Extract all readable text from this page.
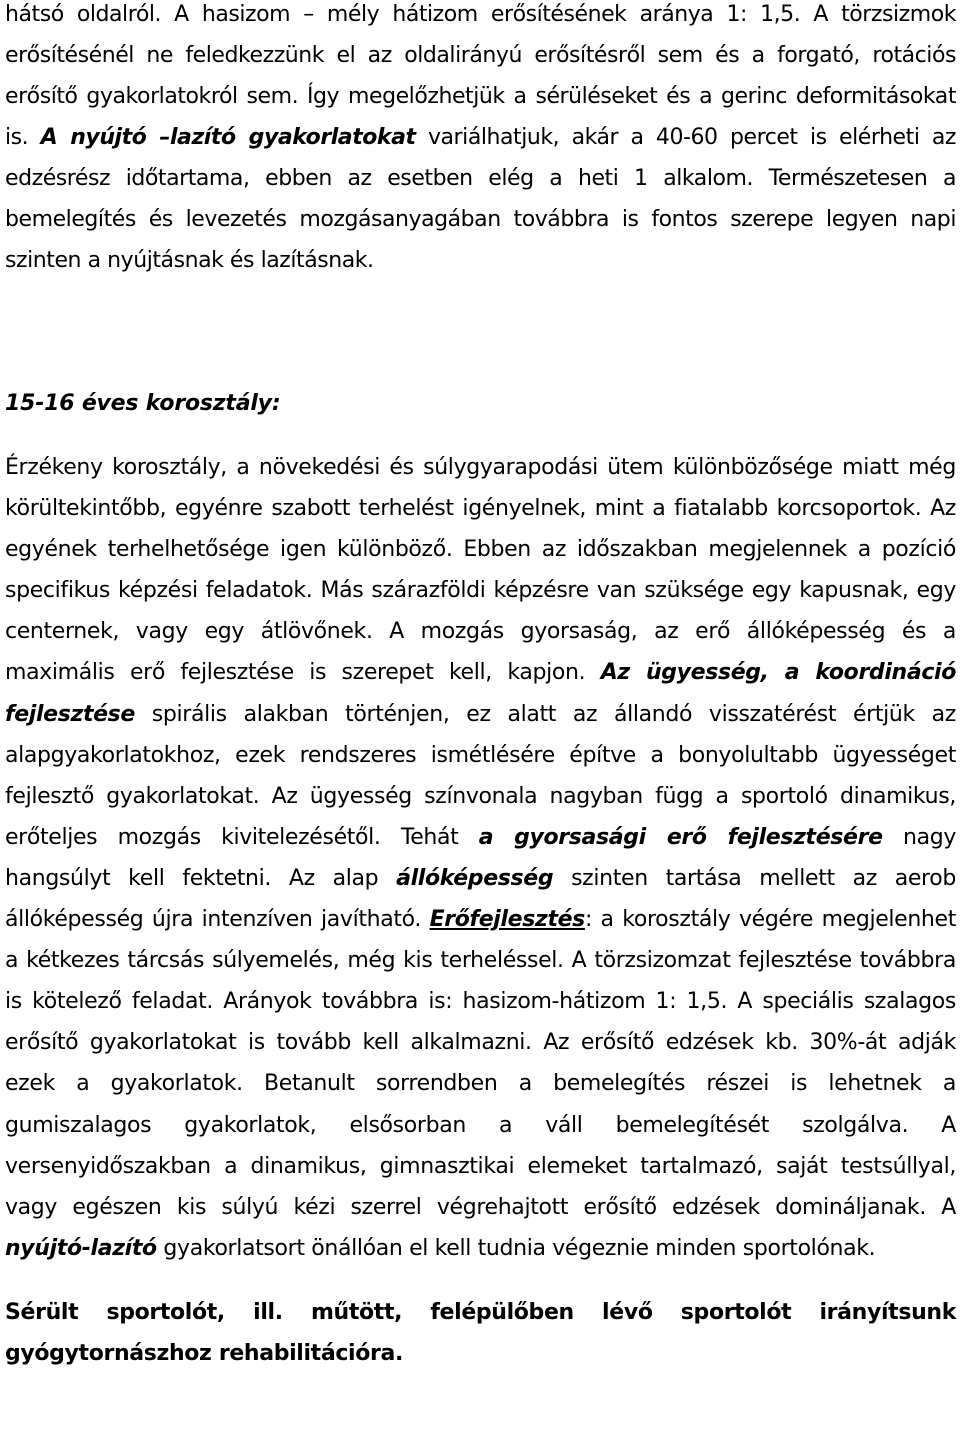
hátsó oldalról. A hasizom – mély hátizom erősítésének aránya 1: 1,5. A törzsizmok erősítésénél ne feledkezzünk el az oldalirányú erősítésről sem és a forgató, rotációs erősítő gyakorlatokról sem. Így megelőzhetjük a sérüléseket és a gerinc deformitásokat is. A nyújtó –lazító gyakorlatokat variálhatjuk, akár a 40-60 percet is elérheti az edzésrész időtartama, ebben az esetben elég a heti 1 alkalom. Természetesen a bemelegítés és levezetés mozgásanyagában továbbra is fontos szerepe legyen napi szinten a nyújtásnak és lazításnak.

15-16 éves korosztály:

Érzékeny korosztály, a növekedési és súlygyarapodási ütem különbözősége miatt még körültekintőbb, egyénre szabott terhelést igényelnek, mint a fiatalabb korcsoportok. Az egyének terhelhetősége igen különböző. Ebben az időszakban megjelennek a pozíció specifikus képzési feladatok. Más szárazföldi képzésre van szüksége egy kapusnak, egy centernek, vagy egy átlövőnek. A mozgás gyorsaság, az erő állóképesség és a maximális erő fejlesztése is szerepet kell, kapjon. Az ügyesség, a koordináció fejlesztése spirális alakban történjen, ez alatt az állandó visszatérést értjük az alapgyakorlatokhoz, ezek rendszeres ismétlésére építve a bonyolultabb ügyességet fejlesztő gyakorlatokat. Az ügyesség színvonala nagyban függ a sportoló dinamikus, erőteljes mozgás kivitelezésétől. Tehát a gyorsasági erő fejlesztésére nagy hangsúlyt kell fektetni. Az alap állóképesség szinten tartása mellett az aerob állóképesség újra intenzíven javítható. Erőfejlesztés: a korosztály végére megjelenhet a kétkezes tárcsás súlyemelés, még kis terheléssel. A törzsizomzat fejlesztése továbbra is kötelező feladat. Arányok továbbra is: hasizom-hátizom 1: 1,5. A speciális szalagos erősítő gyakorlatokat is tovább kell alkalmazni. Az erősítő edzések kb. 30%-át adják ezek a gyakorlatok. Betanult sorrendben a bemelegítés részei is lehetnek a gumiszalagos gyakorlatok, elsősorban a váll bemelegítését szolgálva. A versenyidőszakban a dinamikus, gimnasztikai elemeket tartalmazó, saját testsúllyal, vagy egészen kis súlyú kézi szerrel végrehajtott erősítő edzések domináljanak. A nyújtó-lazító gyakorlatsort önállóan el kell tudnia végeznie minden sportolónak.

Sérült sportolót, ill. műtött, felépülőben lévő sportolót irányítsunk gyógytornászhoz rehabilitációra.
